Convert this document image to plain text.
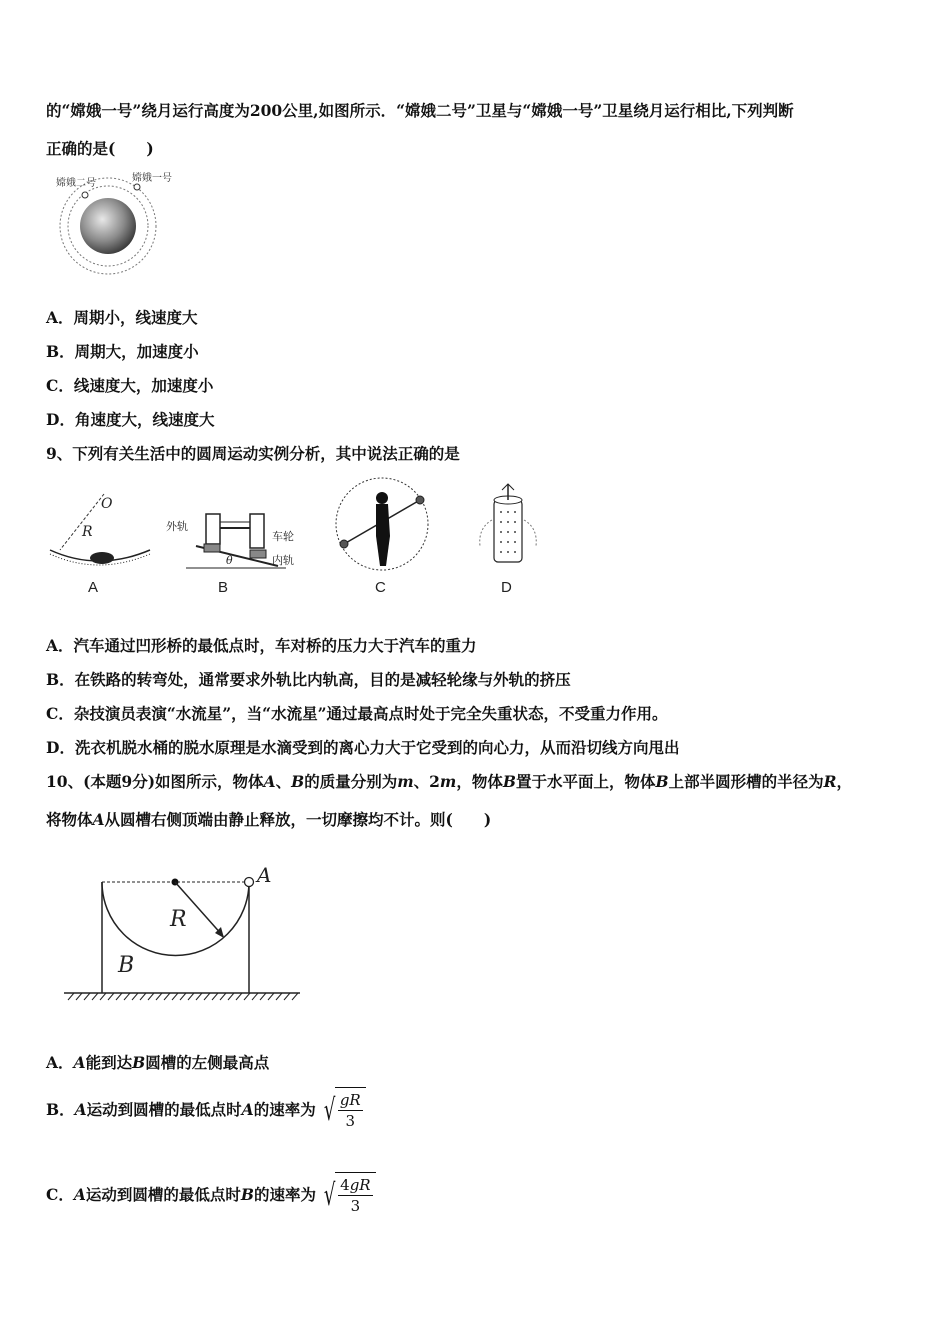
的“嫦娥一号”绕月运行高度为200公里,如图所示．“嫦娥二号”卫星与“嫦娥一号”卫星绕月运行相比,下列判断
正确的是(　　)
嫦娥二号	嫦娥一号
A．周期小，线速度大
B．周期大，加速度小
C．线速度大，加速度小
D．角速度大，线速度大
9、下列有关生活中的圆周运动实例分析，其中说法正确的是
O
R
A
外轨
车轮
内轨
θ
B	C	D
A．汽车通过凹形桥的最低点时，车对桥的压力大于汽车的重力
B．在铁路的转弯处，通常要求外轨比内轨高，目的是减轻轮缘与外轨的挤压
C．杂技演员表演“水流星”，当“水流星”通过最高点时处于完全失重状态，不受重力作用。
D．洗衣机脱水桶的脱水原理是水滴受到的离心力大于它受到的向心力，从而沿切线方向甩出
10、(本题9分)如图所示，物体A、B的质量分别为m、2m，物体B置于水平面上，物体B上部半圆形槽的半径为R，
将物体A从圆槽右侧顶端由静止释放，一切摩擦均不计。则(　　)
A
R
B
A．A能到达B圆槽的左侧最高点
B．A运动到圆槽的最低点时A的速率为 √ $\frac{gR}{3}$
C．A运动到圆槽的最低点时B的速率为 √ $\frac{4gR}{3}$
